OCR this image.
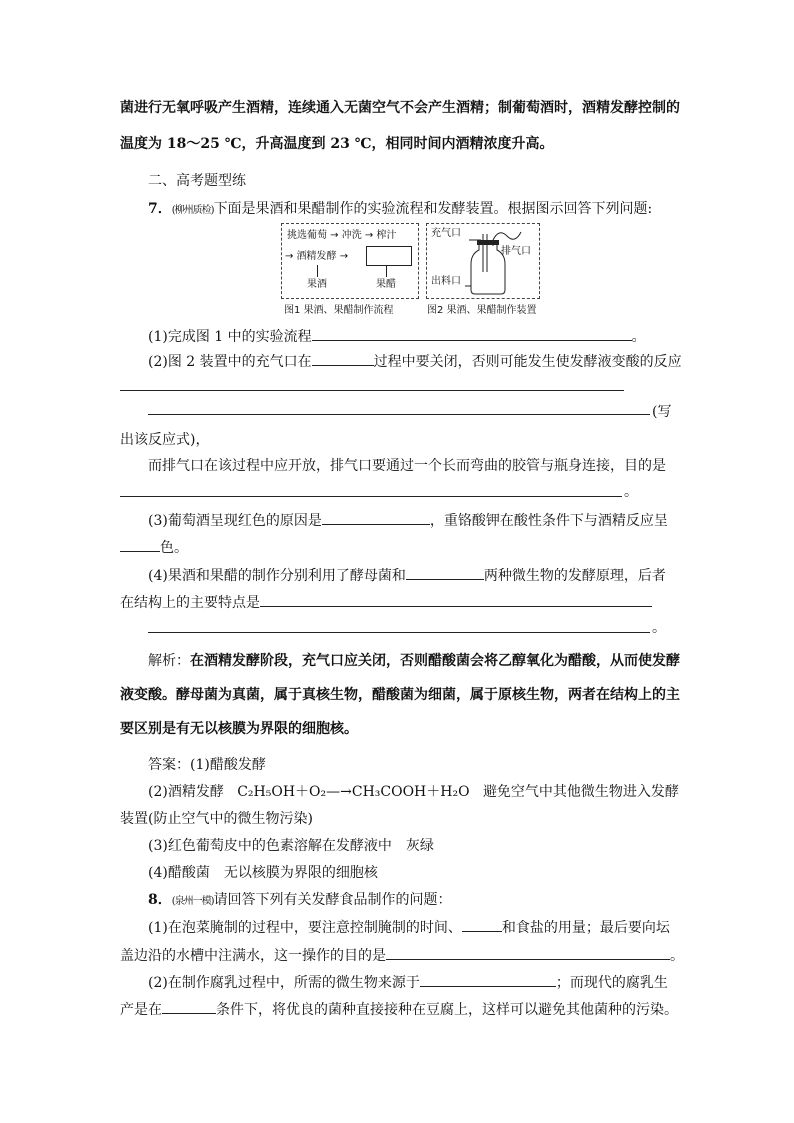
菌进行无氧呼吸产生酒精，连续通入无菌空气不会产生酒精；制葡萄酒时，酒精发酵控制的
温度为 18～25 ℃，升高温度到 23 ℃，相同时间内酒精浓度升高。
二、高考题型练
7．(柳州质检)下面是果酒和果醋制作的实验流程和发酵装置。根据图示回答下列问题:
挑选葡萄 → 冲洗 → 榨汁
→ 酒精发酵 →
果酒	果醋
图1 果酒、果醋制作流程
充气口
排气口
出料口
图2 果酒、果醋制作装置
(1)完成图 1 中的实验流程	。
(2)图 2 装置中的充气口在	过程中要关闭，否则可能发生使发酵液变酸的反应
(写
出该反应式)，
而排气口在该过程中应开放，排气口要通过一个长而弯曲的胶管与瓶身连接，目的是
。
(3)葡萄酒呈现红色的原因是	，重铬酸钾在酸性条件下与酒精反应呈
色。
(4)果酒和果醋的制作分别利用了酵母菌和	两种微生物的发酵原理，后者
在结构上的主要特点是
。
解析：在酒精发酵阶段，充气口应关闭，否则醋酸菌会将乙醇氧化为醋酸，从而使发酵
液变酸。酵母菌为真菌，属于真核生物，醋酸菌为细菌，属于原核生物，两者在结构上的主
要区别是有无以核膜为界限的细胞核。
答案：(1)醋酸发酵
(2)酒精发酵 C₂H₅OH＋O₂—→CH₃COOH＋H₂O 避免空气中其他微生物进入发酵
装置(防止空气中的微生物污染)
(3)红色葡萄皮中的色素溶解在发酵液中　灰绿
(4)醋酸菌　无以核膜为界限的细胞核
8．(泉州一模)请回答下列有关发酵食品制作的问题：
(1)在泡菜腌制的过程中，要注意控制腌制的时间、	和食盐的用量；最后要向坛
盖边沿的水槽中注满水，这一操作的目的是	。
(2)在制作腐乳过程中，所需的微生物来源于	；而现代的腐乳生
产是在	条件下，将优良的菌种直接接种在豆腐上，这样可以避免其他菌种的污染。
